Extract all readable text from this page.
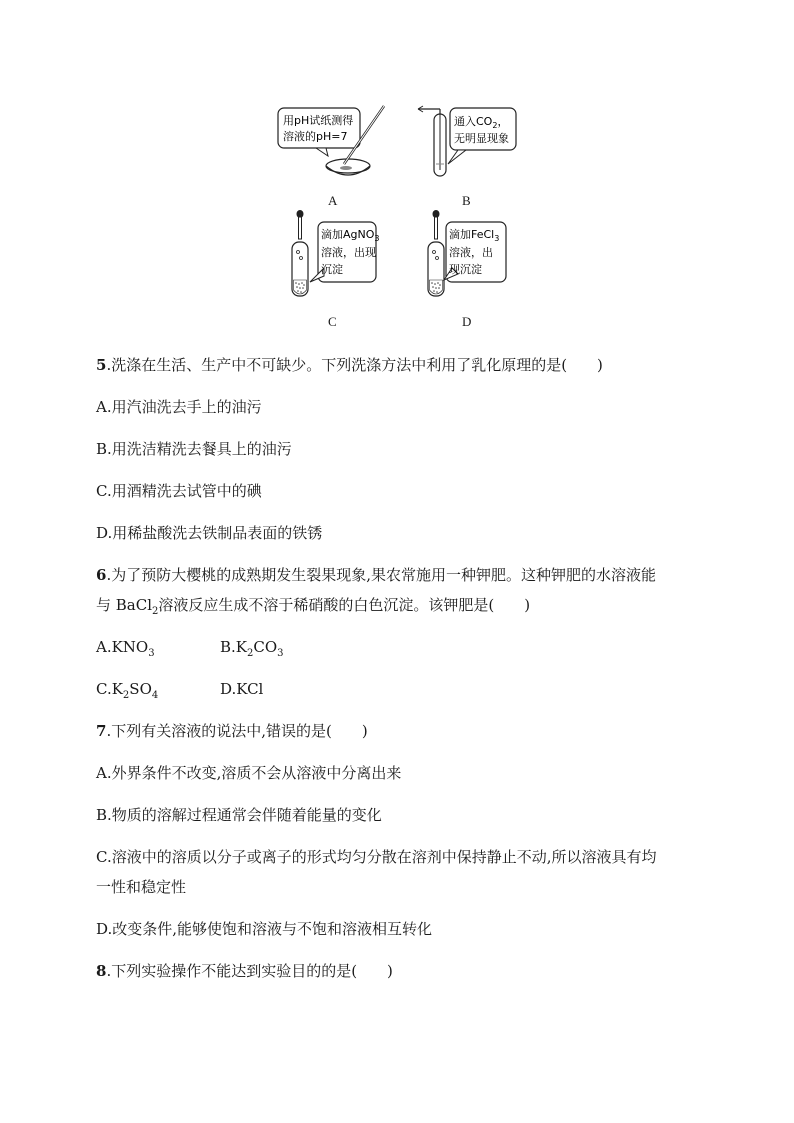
用pH试纸测得
溶液的pH=7
A
通入$CO_2$，
无明显现象
B
滴加AgNO$_3$
溶液，出现
沉淀
C
滴加FeCl$_3$
溶液，出
现沉淀
D
5.洗涤在生活、生产中不可缺少。下列洗涤方法中利用了乳化原理的是(　　)
A.用汽油洗去手上的油污
B.用洗洁精洗去餐具上的油污
C.用酒精洗去试管中的碘
D.用稀盐酸洗去铁制品表面的铁锈
6.为了预防大樱桃的成熟期发生裂果现象,果农常施用一种钾肥。这种钾肥的水溶液能
与 BaCl$_2$溶液反应生成不溶于稀硝酸的白色沉淀。该钾肥是(　　)
$A.KNO_3$	$B.K_2CO_3$
$C.K_2SO_4$	D.KCl
7.下列有关溶液的说法中,错误的是(　　)
A.外界条件不改变,溶质不会从溶液中分离出来
B.物质的溶解过程通常会伴随着能量的变化
C.溶液中的溶质以分子或离子的形式均匀分散在溶剂中保持静止不动,所以溶液具有均
一性和稳定性
D.改变条件,能够使饱和溶液与不饱和溶液相互转化
8.下列实验操作不能达到实验目的的是(　　)
